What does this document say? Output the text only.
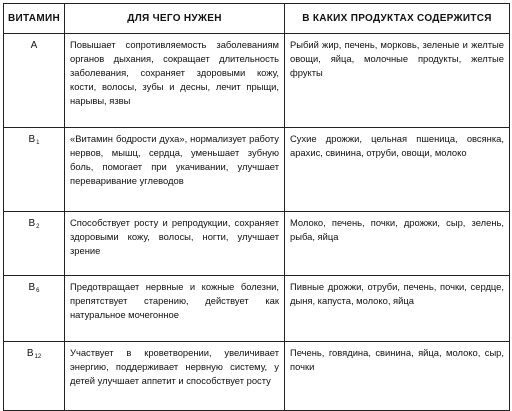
ВИТАМИН	ДЛЯ ЧЕГО НУЖЕН	В КАКИХ ПРОДУКТАХ СОДЕРЖИТСЯ
A	Повышает сопротивляемость заболеваниям органов дыхания, сокращает длительность заболевания, сохраняет здоровыми кожу, кости, волосы, зубы и десны, лечит прыщи, нарывы, язвы	Рыбий жир, печень, морковь, зеленые и желтые овощи, яйца, молочные продукты, желтые фрукты
$B_1$	«Витамин бодрости духа», нормализует работу нервов, мышц, сердца, уменьшает зубную боль, помогает при укачивании, улучшает переваривание углеводов	Сухие дрожжи, цельная пшеница, овсянка, арахис, свинина, отруби, овощи, молоко
$B_2$	Способствует росту и репродукции, сохраняет здоровыми кожу, волосы, ногти, улучшает зрение	Молоко, печень, почки, дрожжи, сыр, зелень, рыба, яйца
$B_6$	Предотвращает нервные и кожные болезни, препятствует старению, действует как натуральное мочегонное	Пивные дрожжи, отруби, печень, почки, сердце, дыня, капуста, молоко, яйца
$B_{12}$	Участвует в кроветворении, увеличивает энергию, поддерживает нервную систему, у детей улучшает аппетит и способствует росту	Печень, говядина, свинина, яйца, молоко, сыр, почки
